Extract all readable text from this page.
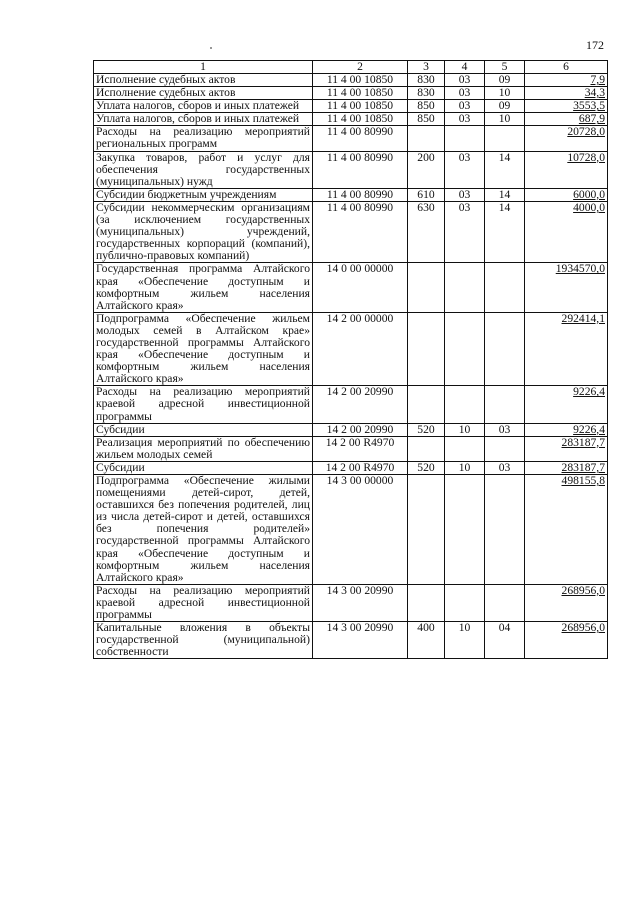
172
1	2	3	4	5	6
Исполнение судебных актов	11 4 00 10850	830	03	09	7,9
Исполнение судебных актов	11 4 00 10850	830	03	10	34,3
Уплата налогов, сборов и иных платежей	11 4 00 10850	850	03	09	3553,5
Уплата налогов, сборов и иных платежей	11 4 00 10850	850	03	10	687,9
Расходы на реализацию мероприятий региональных программ	11 4 00 80990				20728,0
Закупка товаров, работ и услуг для обеспечения государственных (муниципальных) нужд	11 4 00 80990	200	03	14	10728,0
Субсидии бюджетным учреждениям	11 4 00 80990	610	03	14	6000,0
Субсидии некоммерческим организациям (за исключением государственных (муниципальных) учреждений, государственных корпораций (компаний), публично-правовых компаний)	11 4 00 80990	630	03	14	4000,0
Государственная программа Алтайского края «Обеспечение доступным и комфортным жильем населения Алтайского края»	14 0 00 00000				1934570,0
Подпрограмма «Обеспечение жильем молодых семей в Алтайском крае» государственной программы Алтайского края «Обеспечение доступным и комфортным жильем населения Алтайского края»	14 2 00 00000				292414,1
Расходы на реализацию мероприятий краевой адресной инвестиционной программы	14 2 00 20990				9226,4
Субсидии	14 2 00 20990	520	10	03	9226,4
Реализация мероприятий по обеспечению жильем молодых семей	14 2 00 R4970				283187,7
Субсидии	14 2 00 R4970	520	10	03	283187,7
Подпрограмма «Обеспечение жилыми помещениями детей-сирот, детей, оставшихся без попечения родителей, лиц из числа детей-сирот и детей, оставшихся без попечения родителей» государственной программы Алтайского края «Обеспечение доступным и комфортным жильем населения Алтайского края»	14 3 00 00000				498155,8
Расходы на реализацию мероприятий краевой адресной инвестиционной программы	14 3 00 20990				268956,0
Капитальные вложения в объекты государственной (муниципальной) собственности	14 3 00 20990	400	10	04	268956,0
